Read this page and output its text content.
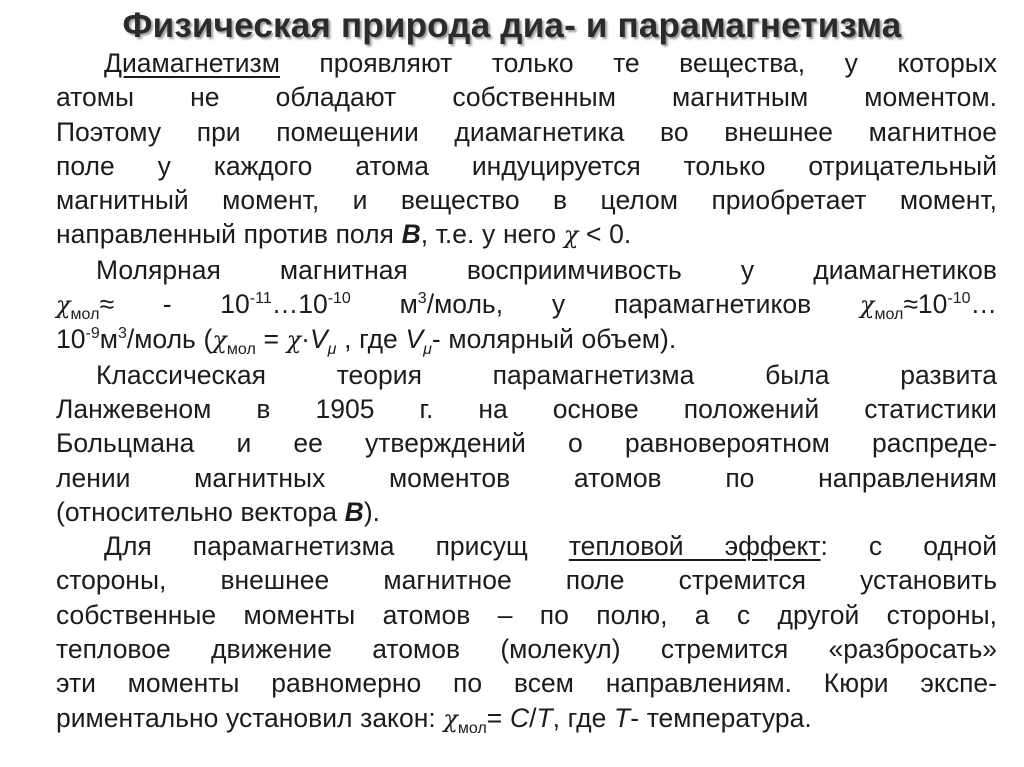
Физическая природа диа- и парамагнетизма

Диамагнетизм проявляют только те вещества, у которых
атомы не обладают собственным магнитным моментом.
Поэтому при помещении диамагнетика во внешнее магнитное
поле у каждого атома индуцируется только отрицательный
магнитный момент, и вещество в целом приобретает момент,
направленный против поля B, т.е. у него χ < 0.

Молярная магнитная восприимчивость у диамагнетиков
$\chi_{мол}\approx$ - $10^{-11}\dots 10^{-10}$ $м^3$/моль, у парамагнетиков $\chi_{мол}\approx 10^{-10}\dots$
$10^{-9}м^3$/моль ($\chi_{мол} = \chi\cdot V_\mu$ , где $V_\mu-$ молярный объем).

Классическая теория парамагнетизма была развита
Ланжевеном в 1905 г. на основе положений статистики
Больцмана и ее утверждений о равновероятном распреде-
лении магнитных моментов атомов по направлениям
(относительно вектора B).

Для парамагнетизма присущ тепловой эффект: с одной
стороны, внешнее магнитное поле стремится установить
собственные моменты атомов – по полю, а с другой стороны,
тепловое движение атомов (молекул) стремится «разбросать»
эти моменты равномерно по всем направлениям. Кюри экспе-
риментально установил закон: $\chi_{мол}= C/T$, где T- температура.
